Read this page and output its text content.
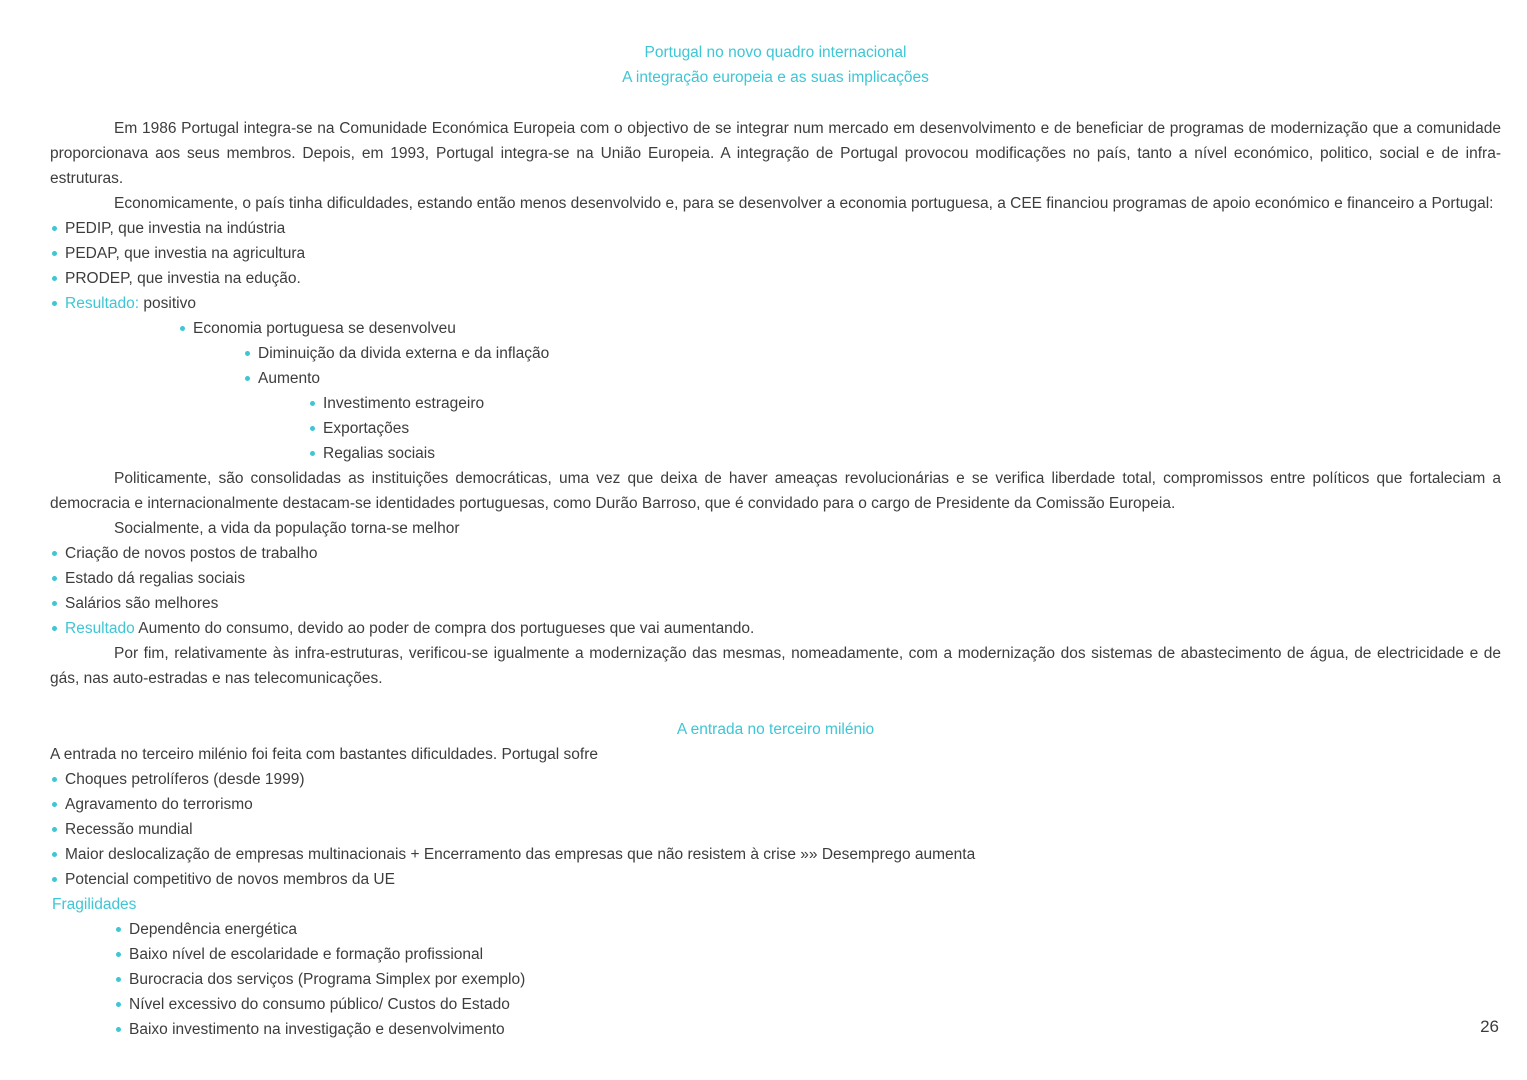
Portugal no novo quadro internacional
A integração europeia e as suas implicações

Em 1986 Portugal integra-se na Comunidade Económica Europeia com o objectivo de se integrar num mercado em desenvolvimento e de beneficiar de programas de modernização que a comunidade proporcionava aos seus membros. Depois, em 1993, Portugal integra-se na União Europeia. A integração de Portugal provocou modificações no país, tanto a nível económico, politico, social e de infra-estruturas.

Economicamente, o país tinha dificuldades, estando então menos desenvolvido e, para se desenvolver a economia portuguesa, a CEE financiou programas de apoio económico e financeiro a Portugal:

PEDIP, que investia na indústria
PEDAP, que investia na agricultura
PRODEP, que investia na edução.
Resultado: positivo
Economia portuguesa se desenvolveu
Diminuição da divida externa e da inflação
Aumento
Investimento estrageiro
Exportações
Regalias sociais

Politicamente, são consolidadas as instituições democráticas, uma vez que deixa de haver ameaças revolucionárias e se verifica liberdade total, compromissos entre políticos que fortaleciam a democracia e internacionalmente destacam-se identidades portuguesas, como Durão Barroso, que é convidado para o cargo de Presidente da Comissão Europeia.

Socialmente, a vida da população torna-se melhor

Criação de novos postos de trabalho
Estado dá regalias sociais
Salários são melhores
Resultado Aumento do consumo, devido ao poder de compra dos portugueses que vai aumentando.

Por fim, relativamente às infra-estruturas, verificou-se igualmente a modernização das mesmas, nomeadamente, com a modernização dos sistemas de abastecimento de água, de electricidade e de gás, nas auto-estradas e nas telecomunicações.

A entrada no terceiro milénio

A entrada no terceiro milénio foi feita com bastantes dificuldades. Portugal sofre

Choques petrolíferos (desde 1999)
Agravamento do terrorismo
Recessão mundial
Maior deslocalização de empresas multinacionais + Encerramento das empresas que não resistem à crise »» Desemprego aumenta
Potencial competitivo de novos membros da UE
Fragilidades
Dependência energética
Baixo nível de escolaridade e formação profissional
Burocracia dos serviços (Programa Simplex por exemplo)
Nível excessivo do consumo público/ Custos do Estado
Baixo investimento na investigação e desenvolvimento	26
